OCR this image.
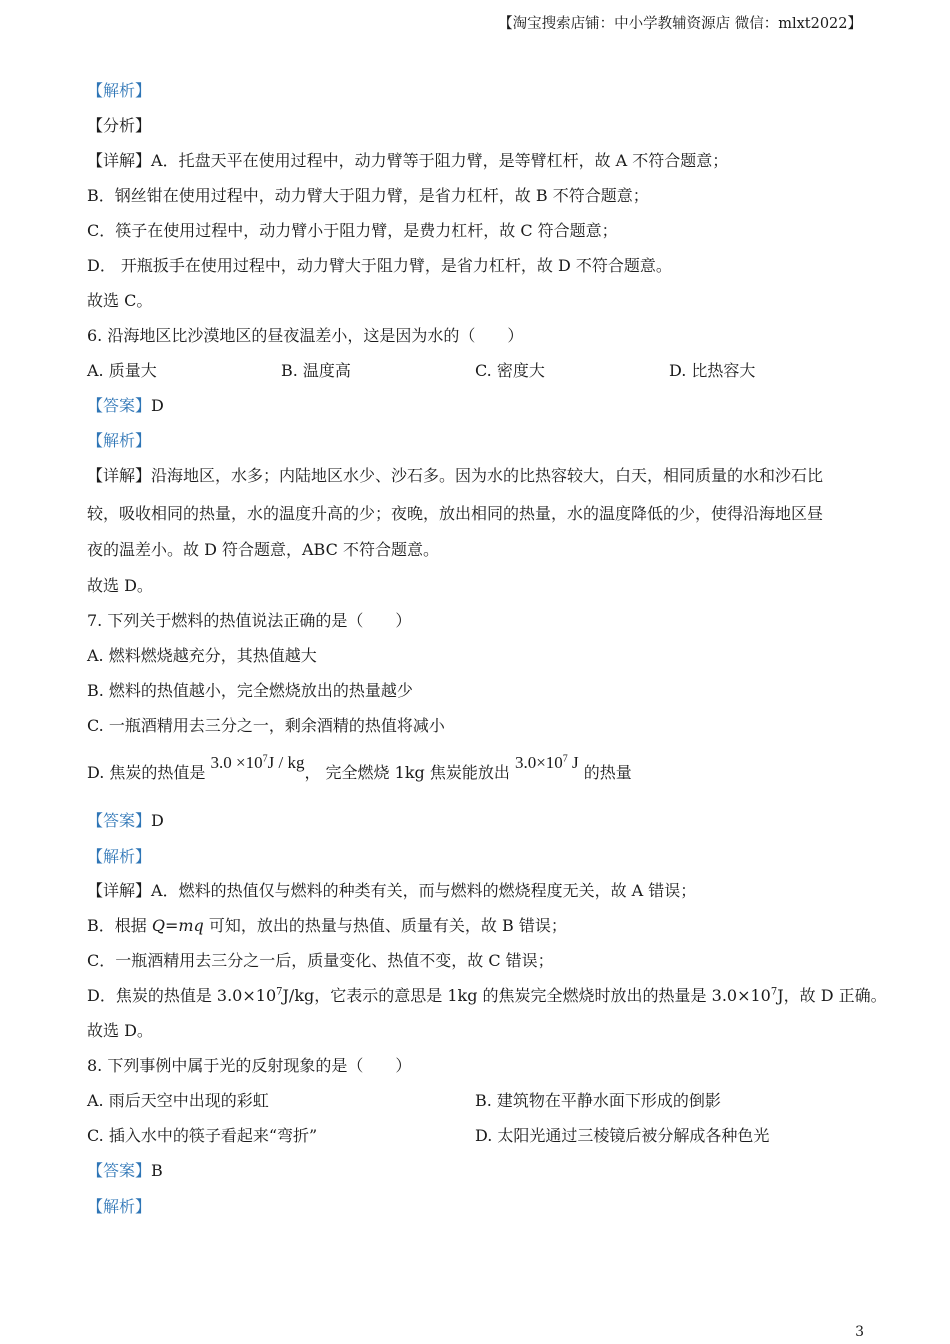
【淘宝搜索店铺：中小学教辅资源店 微信：mlxt2022】
【解析】
【分析】
【详解】A．托盘天平在使用过程中，动力臂等于阻力臂，是等臂杠杆，故 A 不符合题意；
B．钢丝钳在使用过程中，动力臂大于阻力臂，是省力杠杆，故 B 不符合题意；
C．筷子在使用过程中，动力臂小于阻力臂，是费力杠杆，故 C 符合题意；
D． 开瓶扳手在使用过程中，动力臂大于阻力臂，是省力杠杆，故 D 不符合题意。
故选 C。
6. 沿海地区比沙漠地区的昼夜温差小，这是因为水的（　　）
A. 质量大	B. 温度高	C. 密度大	D. 比热容大
【答案】D
【解析】
【详解】沿海地区，水多；内陆地区水少、沙石多。因为水的比热容较大，白天，相同质量的水和沙石比
较，吸收相同的热量，水的温度升高的少；夜晚，放出相同的热量，水的温度降低的少，使得沿海地区昼
夜的温差小。故 D 符合题意，ABC 不符合题意。
故选 D。
7. 下列关于燃料的热值说法正确的是（　　）
A. 燃料燃烧越充分，其热值越大
B. 燃料的热值越小，完全燃烧放出的热量越少
C. 一瓶酒精用去三分之一，剩余酒精的热值将减小
D. 焦炭的热值是 $3.0 \times 10^7J$ / kg， 完全燃烧 1kg 焦炭能放出 $3.0\times 10^7$ J 的热量
【答案】D
【解析】
【详解】A．燃料的热值仅与燃料的种类有关，而与燃料的燃烧程度无关，故 A 错误；
B．根据 Q=mq 可知，放出的热量与热值、质量有关，故 B 错误；
C．一瓶酒精用去三分之一后，质量变化、热值不变，故 C 错误；
D．焦炭的热值是 $3.0\times 10^7J/kg$，它表示的意思是 1kg 的焦炭完全燃烧时放出的热量是 $3.0\times 10^7J$，故 D 正确。
故选 D。
8. 下列事例中属于光的反射现象的是（　　）
A. 雨后天空中出现的彩虹	B. 建筑物在平静水面下形成的倒影
C. 插入水中的筷子看起来“弯折”	D. 太阳光通过三棱镜后被分解成各种色光
【答案】B
【解析】
3
